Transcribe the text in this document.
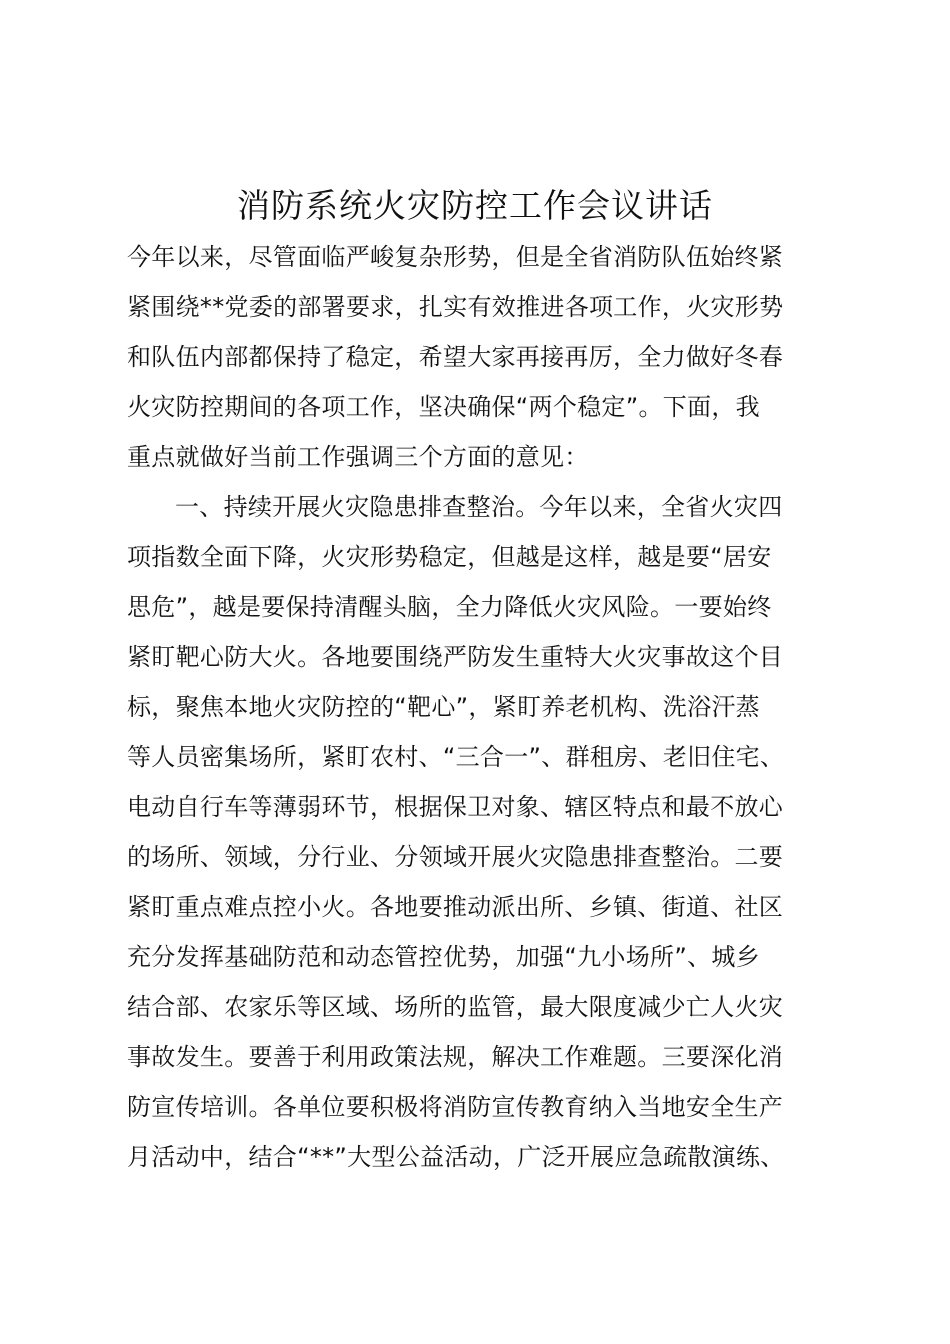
消防系统火灾防控工作会议讲话

今年以来，尽管面临严峻复杂形势，但是全省消防队伍始终紧
紧围绕**党委的部署要求，扎实有效推进各项工作，火灾形势
和队伍内部都保持了稳定，希望大家再接再厉，全力做好冬春
火灾防控期间的各项工作，坚决确保“两个稳定”。下面，我
重点就做好当前工作强调三个方面的意见：

一、持续开展火灾隐患排查整治。今年以来，全省火灾四
项指数全面下降，火灾形势稳定，但越是这样，越是要“居安
思危”，越是要保持清醒头脑，全力降低火灾风险。一要始终
紧盯靶心防大火。各地要围绕严防发生重特大火灾事故这个目
标，聚焦本地火灾防控的“靶心”，紧盯养老机构、洗浴汗蒸
等人员密集场所，紧盯农村、“三合一”、群租房、老旧住宅、
电动自行车等薄弱环节，根据保卫对象、辖区特点和最不放心
的场所、领域，分行业、分领域开展火灾隐患排查整治。二要
紧盯重点难点控小火。各地要推动派出所、乡镇、街道、社区
充分发挥基础防范和动态管控优势，加强“九小场所”、城乡
结合部、农家乐等区域、场所的监管，最大限度减少亡人火灾
事故发生。要善于利用政策法规，解决工作难题。三要深化消
防宣传培训。各单位要积极将消防宣传教育纳入当地安全生产
月活动中，结合“**”大型公益活动，广泛开展应急疏散演练、
